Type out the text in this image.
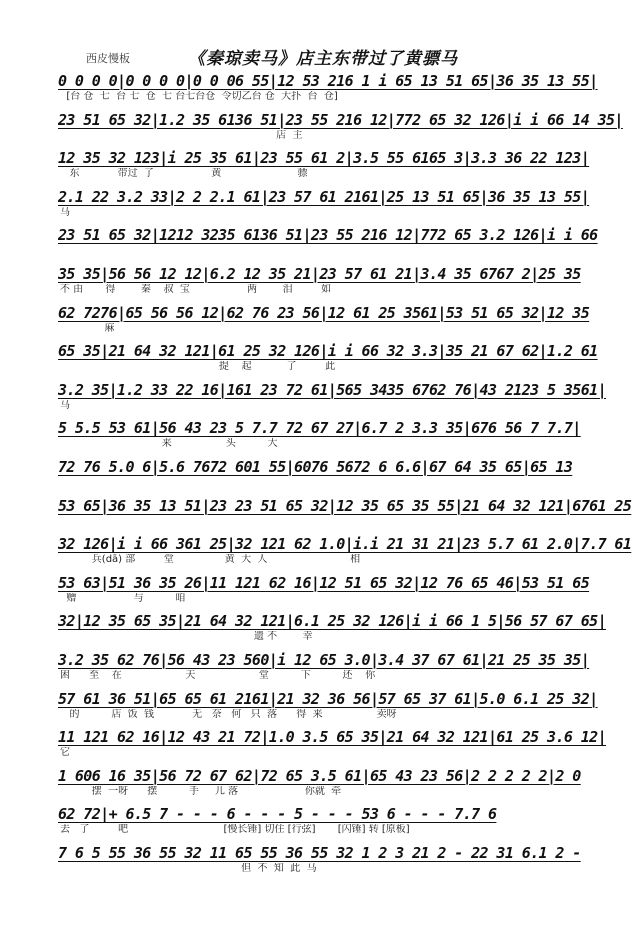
西皮慢板	《秦琼卖马》店主东带过了黄骠马
0 0 0 0|0 0 0 0|0 0 06 55|12 53 216 1 i 65 13 51 65|36 35 13 55|
[台 仓  七  台 七  仓  七 台七台仓  令切乙台 仓  大扑  台  仓]
23 51 65 32|1.2 35 6136 51|23 55 216 12|772 65 32 126|i i 66 14 35|
店  主
12 35 32 123|i 25 35 61|23 55 61 2|3.5 55 6165 3|3.3 36 22 123|
东            带过  了                  黄                        骠
2.1 22 3.2 33|2 2 2.1 61|23 57 61 2161|25 13 51 65|36 35 13 55|
马
23 51 65 32|1212 3235 6136 51|23 55 216 12|772 65 3.2 126|i i 66
35 35|56 56 12 12|6.2 12 35 21|23 57 61 21|3.4 35 6767 2|25 35
不 由       得        秦    叔  宝                  两        泪         如
62 7276|65 56 56 12|62 76 23 56|12 61 25 3561|53 51 65 32|12 35
麻
65 35|21 64 32 121|61 25 32 126|i i 66 32 3.3|35 21 67 62|1.2 61
提    起           了         此
3.2 35|1.2 33 22 16|161 23 72 61|565 3435 6762 76|43 2123 5 3561|
马
5 5.5 53 61|56 43 23 5 7.7 72 67 27|6.7 2 3.3 35|676 56 7 7.7|
来                 头          大
72 76 5.0 6|5.6 7672 601 55|6076 5672 6 6.6|67 64 35 65|65 13
53 65|36 35 13 51|23 23 51 65 32|12 35 65 35 55|21 64 32 121|6761 25
32 126|i i 66 361 25|32 121 62 1.0|i.i 21 31 21|23 5.7 61 2.0|7.7 61
兵(dā) 部         堂                黄  大  人                          相
53 63|51 36 35 26|11 121 62 16|12 51 65 32|12 76 65 46|53 51 65
赠                  与          咱
32|12 35 65 35|21 64 32 121|6.1 25 32 126|i i 66 1 5|56 57 67 65|
遗 不        幸
3.2 35 62 76|56 43 23 560|i 12 65 3.0|3.4 37 67 61|21 25 35 35|
困      至    在                    天                    堂          下          还    你
57 61 36 51|65 65 61 2161|21 32 36 56|57 65 37 61|5.0 6.1 25 32|
的          店  饭  钱            无   奈   何   只  落      得  来                 卖呀
11 121 62 16|12 43 21 72|1.0 3.5 65 35|21 64 32 121|61 25 3.6 12|
它
1 606 16 35|56 72 67 62|72 65 3.5 61|65 43 23 56|2 2 2 2 2|2 0
摆  一呀      摆          手     儿 落                     你就  牵
62 72|+ 6.5 7 - - - 6 - - - 5 - - - 53 6 - - - 7.7 6
去   了         吧                              [慢长锤] 切住 [行弦]       [闪锤] 转 [原板]
7 6 5 55 36 55 32 11 65 55 36 55 32 1 2 3 21 2 - 22 31 6.1 2 -
但  不  知  此  马
